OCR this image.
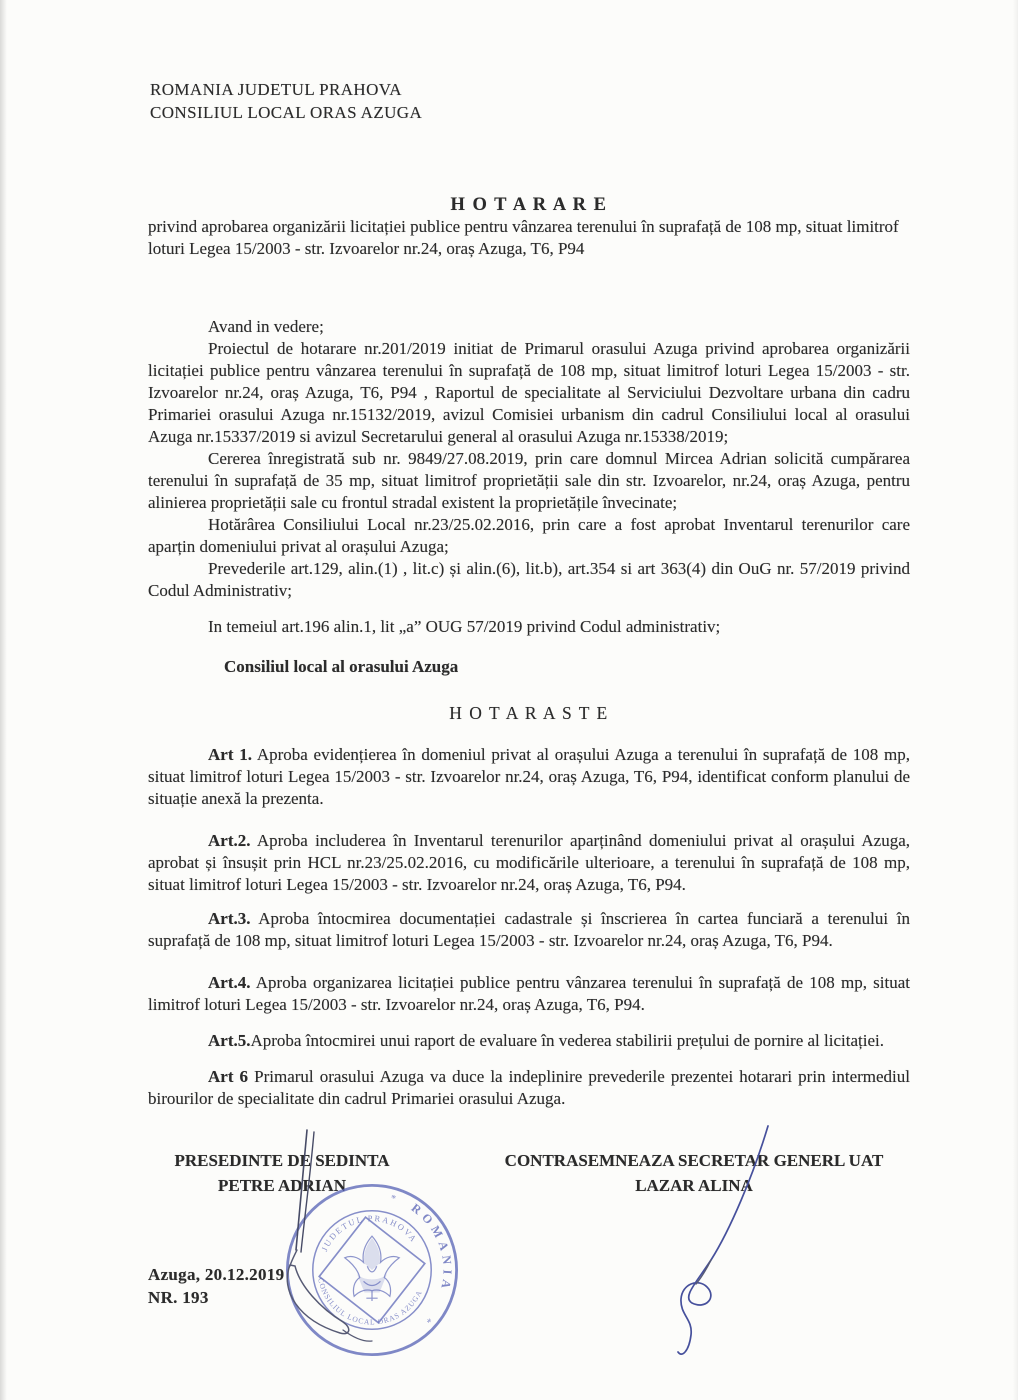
ROMANIA JUDETUL PRAHOVA
CONSILIUL LOCAL ORAS AZUGA

H O T A R A R E

privind aprobarea organizării licitației publice pentru vânzarea terenului în suprafață de 108 mp, situat limitrof loturi Legea 15/2003 - str. Izvoarelor nr.24, oraș Azuga, T6, P94

Avand in vedere;

Proiectul de hotarare nr.201/2019 initiat de Primarul orasului Azuga privind aprobarea organizării licitației publice pentru vânzarea terenului în suprafață de 108 mp, situat limitrof loturi Legea 15/2003 - str. Izvoarelor nr.24, oraș Azuga, T6, P94 , Raportul de specialitate al Serviciului Dezvoltare urbana din cadru Primariei orasului Azuga nr.15132/2019, avizul Comisiei urbanism din cadrul Consiliului local al orasului Azuga nr.15337/2019 si avizul Secretarului general al orasului Azuga nr.15338/2019;

Cererea înregistrată sub nr. 9849/27.08.2019, prin care domnul Mircea Adrian solicită cumpărarea terenului în suprafață de 35 mp, situat limitrof proprietății sale din str. Izvoarelor, nr.24, oraș Azuga, pentru alinierea proprietății sale cu frontul stradal existent la proprietățile învecinate;

Hotărârea Consiliului Local nr.23/25.02.2016, prin care a fost aprobat Inventarul terenurilor care aparțin domeniului privat al orașului Azuga;

Prevederile art.129, alin.(1) , lit.c) și alin.(6), lit.b), art.354 si art 363(4) din OuG nr. 57/2019 privind Codul Administrativ;

In temeiul art.196 alin.1, lit „a” OUG 57/2019 privind Codul administrativ;

Consiliul local al orasului Azuga

H O T A R A S T E

Art 1. Aproba evidențierea în domeniul privat al orașului Azuga a terenului în suprafață de 108 mp, situat limitrof loturi Legea 15/2003 - str. Izvoarelor nr.24, oraș Azuga, T6, P94, identificat conform planului de situație anexă la prezenta.

Art.2. Aproba includerea în Inventarul terenurilor aparținând domeniului privat al orașului Azuga, aprobat și însușit prin HCL nr.23/25.02.2016, cu modificările ulterioare, a terenului în suprafață de 108 mp, situat limitrof loturi Legea 15/2003 - str. Izvoarelor nr.24, oraș Azuga, T6, P94.

Art.3. Aproba întocmirea documentației cadastrale și înscrierea în cartea funciară a terenului în suprafață de 108 mp, situat limitrof loturi Legea 15/2003 - str. Izvoarelor nr.24, oraș Azuga, T6, P94.

Art.4. Aproba organizarea licitației publice pentru vânzarea terenului în suprafață de 108 mp, situat limitrof loturi Legea 15/2003 - str. Izvoarelor nr.24, oraș Azuga, T6, P94.

Art.5.Aproba întocmirei unui raport de evaluare în vederea stabilirii prețului de pornire al licitației.

Art 6 Primarul orasului Azuga va duce la indeplinire prevederile prezentei hotarari prin intermediul birourilor de specialitate din cadrul Primariei orasului Azuga.

PRESEDINTE DE SEDINTA
PETRE ADRIAN
CONTRASEMNEAZA SECRETAR GENERL UAT
LAZAR ALINA
Azuga, 20.12.2019
NR. 193
ROMANIA
*
*
JUDETUL PRAHOVA
CONSILIUL LOCAL ORAS AZUGA
